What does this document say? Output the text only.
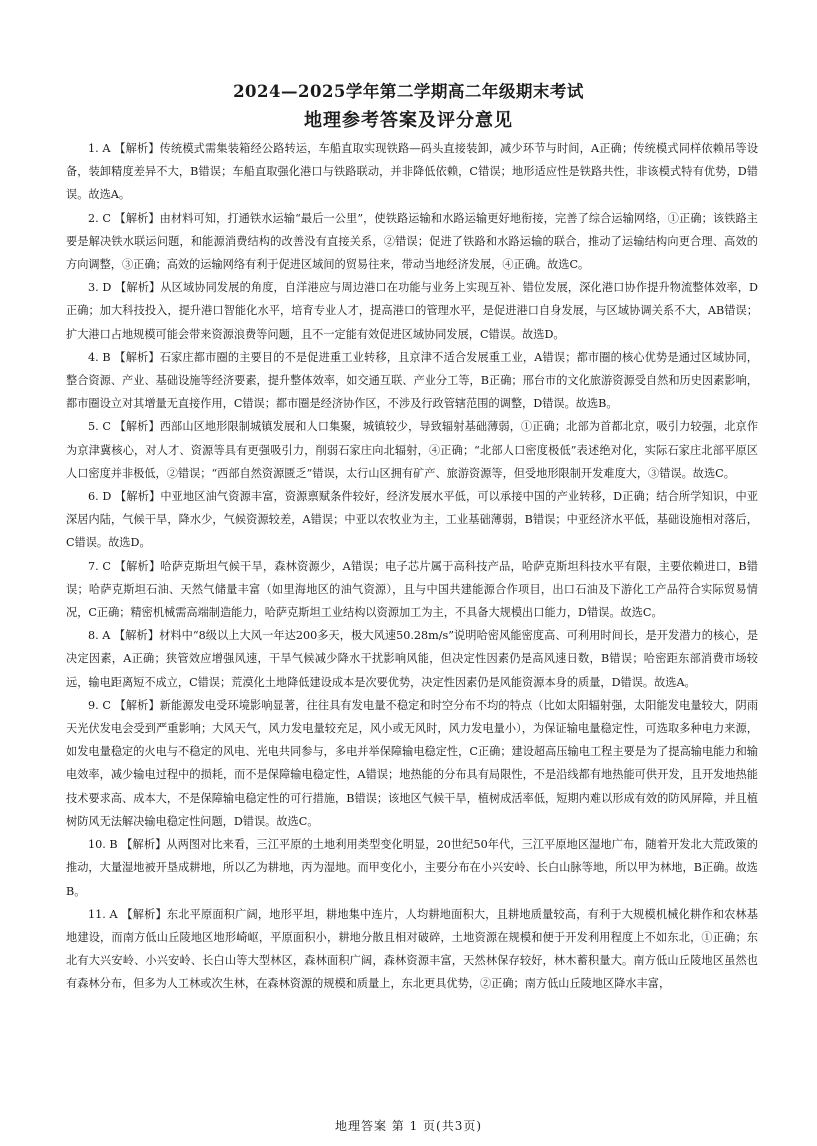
2024—2025学年第二学期高二年级期末考试
地理参考答案及评分意见

1. A 【解析】传统模式需集装箱经公路转运，车船直取实现铁路—码头直接装卸，减少环节与时间，A正确；传统模式同样依赖吊等设备，装卸精度差异不大，B错误；车船直取强化港口与铁路联动，并非降低依赖，C错误；地形适应性是铁路共性，非该模式特有优势，D错误。故选A。

2. C 【解析】由材料可知，打通铁水运输“最后一公里”，使铁路运输和水路运输更好地衔接，完善了综合运输网络，①正确；该铁路主要是解决铁水联运问题，和能源消费结构的改善没有直接关系，②错误；促进了铁路和水路运输的联合，推动了运输结构向更合理、高效的方向调整，③正确；高效的运输网络有利于促进区域间的贸易往来，带动当地经济发展，④正确。故选C。

3. D 【解析】从区域协同发展的角度，自洋港应与周边港口在功能与业务上实现互补、错位发展，深化港口协作提升物流整体效率，D正确；加大科技投入，提升港口智能化水平，培育专业人才，提高港口的管理水平，是促进港口自身发展，与区域协调关系不大，AB错误；扩大港口占地规模可能会带来资源浪费等问题，且不一定能有效促进区域协同发展，C错误。故选D。

4. B 【解析】石家庄都市圈的主要目的不是促进重工业转移，且京津不适合发展重工业，A错误；都市圈的核心优势是通过区域协同，整合资源、产业、基础设施等经济要素，提升整体效率，如交通互联、产业分工等，B正确；邢台市的文化旅游资源受自然和历史因素影响，都市圈设立对其增量无直接作用，C错误；都市圈是经济协作区，不涉及行政管辖范围的调整，D错误。故选B。

5. C 【解析】西部山区地形限制城镇发展和人口集聚，城镇较少，导致辐射基础薄弱，①正确；北部为首都北京，吸引力较强，北京作为京津冀核心，对人才、资源等具有更强吸引力，削弱石家庄向北辐射，④正确；“北部人口密度极低”表述绝对化，实际石家庄北部平原区人口密度并非极低，②错误；“西部自然资源匮乏”错误，太行山区拥有矿产、旅游资源等，但受地形限制开发难度大，③错误。故选C。

6. D 【解析】中亚地区油气资源丰富，资源禀赋条件较好，经济发展水平低，可以承接中国的产业转移，D正确；结合所学知识，中亚深居内陆，气候干旱，降水少，气候资源较差，A错误；中亚以农牧业为主，工业基础薄弱，B错误；中亚经济水平低，基础设施相对落后，C错误。故选D。

7. C 【解析】哈萨克斯坦气候干旱，森林资源少，A错误；电子芯片属于高科技产品，哈萨克斯坦科技水平有限，主要依赖进口，B错误；哈萨克斯坦石油、天然气储量丰富（如里海地区的油气资源），且与中国共建能源合作项目，出口石油及下游化工产品符合实际贸易情况，C正确；精密机械需高端制造能力，哈萨克斯坦工业结构以资源加工为主，不具备大规模出口能力，D错误。故选C。

8. A 【解析】材料中“8级以上大风一年达200多天，极大风速50.28m/s”说明哈密风能密度高、可利用时间长，是开发潜力的核心，是决定因素，A正确；狭管效应增强风速，干旱气候减少降水干扰影响风能，但决定性因素仍是高风速日数，B错误；哈密距东部消费市场较远，输电距离短不成立，C错误；荒漠化土地降低建设成本是次要优势，决定性因素仍是风能资源本身的质量，D错误。故选A。

9. C 【解析】新能源发电受环境影响显著，往往具有发电量不稳定和时空分布不均的特点（比如太阳辐射强，太阳能发电量较大，阴雨天光伏发电会受到严重影响；大风天气，风力发电量较充足，风小或无风时，风力发电量小），为保证输电量稳定性，可选取多种电力来源，如发电量稳定的火电与不稳定的风电、光电共同参与，多电并举保障输电稳定性，C正确；建设超高压输电工程主要是为了提高输电能力和输电效率，减少输电过程中的损耗，而不是保障输电稳定性，A错误；地热能的分布具有局限性，不是沿线都有地热能可供开发，且开发地热能技术要求高、成本大，不是保障输电稳定性的可行措施，B错误；该地区气候干旱，植树成活率低，短期内难以形成有效的防风屏障，并且植树防风无法解决输电稳定性问题，D错误。故选C。

10. B 【解析】从两图对比来看，三江平原的土地利用类型变化明显，20世纪50年代，三江平原地区湿地广布，随着开发北大荒政策的推动，大量湿地被开垦成耕地，所以乙为耕地，丙为湿地。而甲变化小，主要分布在小兴安岭、长白山脉等地，所以甲为林地，B正确。故选B。

11. A 【解析】东北平原面积广阔，地形平坦，耕地集中连片，人均耕地面积大，且耕地质量较高，有利于大规模机械化耕作和农林基地建设，而南方低山丘陵地区地形崎岖，平原面积小，耕地分散且相对破碎，土地资源在规模和便于开发利用程度上不如东北，①正确；东北有大兴安岭、小兴安岭、长白山等大型林区，森林面积广阔，森林资源丰富，天然林保存较好，林木蓄积量大。南方低山丘陵地区虽然也有森林分布，但多为人工林或次生林，在森林资源的规模和质量上，东北更具优势，②正确；南方低山丘陵地区降水丰富，

地理答案 第 1 页(共3页)
